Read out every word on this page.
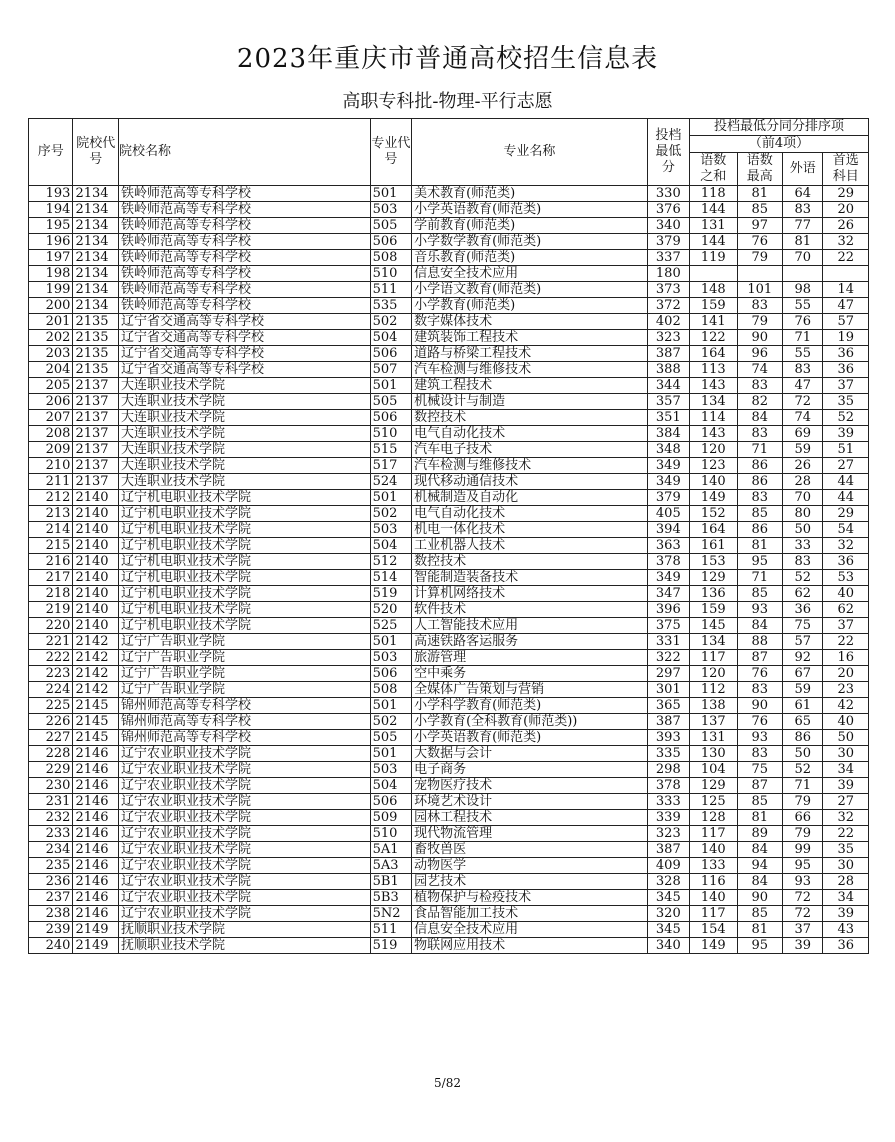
2023年重庆市普通高校招生信息表
高职专科批-物理-平行志愿
序号	院校代号	院校名称	专业代号	专业名称	投档最低分	投档最低分同分排序项			
						（前4项）			
						语数之和	语数最高	外语	首选科目
193	2134	铁岭师范高等专科学校	501	美术教育(师范类)	330	118	81	64	29
194	2134	铁岭师范高等专科学校	503	小学英语教育(师范类)	376	144	85	83	20
195	2134	铁岭师范高等专科学校	505	学前教育(师范类)	340	131	97	77	26
196	2134	铁岭师范高等专科学校	506	小学数学教育(师范类)	379	144	76	81	32
197	2134	铁岭师范高等专科学校	508	音乐教育(师范类)	337	119	79	70	22
198	2134	铁岭师范高等专科学校	510	信息安全技术应用	180				
199	2134	铁岭师范高等专科学校	511	小学语文教育(师范类)	373	148	101	98	14
200	2134	铁岭师范高等专科学校	535	小学教育(师范类)	372	159	83	55	47
201	2135	辽宁省交通高等专科学校	502	数字媒体技术	402	141	79	76	57
202	2135	辽宁省交通高等专科学校	504	建筑装饰工程技术	323	122	90	71	19
203	2135	辽宁省交通高等专科学校	506	道路与桥梁工程技术	387	164	96	55	36
204	2135	辽宁省交通高等专科学校	507	汽车检测与维修技术	388	113	74	83	36
205	2137	大连职业技术学院	501	建筑工程技术	344	143	83	47	37
206	2137	大连职业技术学院	505	机械设计与制造	357	134	82	72	35
207	2137	大连职业技术学院	506	数控技术	351	114	84	74	52
208	2137	大连职业技术学院	510	电气自动化技术	384	143	83	69	39
209	2137	大连职业技术学院	515	汽车电子技术	348	120	71	59	51
210	2137	大连职业技术学院	517	汽车检测与维修技术	349	123	86	26	27
211	2137	大连职业技术学院	524	现代移动通信技术	349	140	86	28	44
212	2140	辽宁机电职业技术学院	501	机械制造及自动化	379	149	83	70	44
213	2140	辽宁机电职业技术学院	502	电气自动化技术	405	152	85	80	29
214	2140	辽宁机电职业技术学院	503	机电一体化技术	394	164	86	50	54
215	2140	辽宁机电职业技术学院	504	工业机器人技术	363	161	81	33	32
216	2140	辽宁机电职业技术学院	512	数控技术	378	153	95	83	36
217	2140	辽宁机电职业技术学院	514	智能制造装备技术	349	129	71	52	53
218	2140	辽宁机电职业技术学院	519	计算机网络技术	347	136	85	62	40
219	2140	辽宁机电职业技术学院	520	软件技术	396	159	93	36	62
220	2140	辽宁机电职业技术学院	525	人工智能技术应用	375	145	84	75	37
221	2142	辽宁广告职业学院	501	高速铁路客运服务	331	134	88	57	22
222	2142	辽宁广告职业学院	503	旅游管理	322	117	87	92	16
223	2142	辽宁广告职业学院	506	空中乘务	297	120	76	67	20
224	2142	辽宁广告职业学院	508	全媒体广告策划与营销	301	112	83	59	23
225	2145	锦州师范高等专科学校	501	小学科学教育(师范类)	365	138	90	61	42
226	2145	锦州师范高等专科学校	502	小学教育(全科教育(师范类))	387	137	76	65	40
227	2145	锦州师范高等专科学校	505	小学英语教育(师范类)	393	131	93	86	50
228	2146	辽宁农业职业技术学院	501	大数据与会计	335	130	83	50	30
229	2146	辽宁农业职业技术学院	503	电子商务	298	104	75	52	34
230	2146	辽宁农业职业技术学院	504	宠物医疗技术	378	129	87	71	39
231	2146	辽宁农业职业技术学院	506	环境艺术设计	333	125	85	79	27
232	2146	辽宁农业职业技术学院	509	园林工程技术	339	128	81	66	32
233	2146	辽宁农业职业技术学院	510	现代物流管理	323	117	89	79	22
234	2146	辽宁农业职业技术学院	5A1	畜牧兽医	387	140	84	99	35
235	2146	辽宁农业职业技术学院	5A3	动物医学	409	133	94	95	30
236	2146	辽宁农业职业技术学院	5B1	园艺技术	328	116	84	93	28
237	2146	辽宁农业职业技术学院	5B3	植物保护与检疫技术	345	140	90	72	34
238	2146	辽宁农业职业技术学院	5N2	食品智能加工技术	320	117	85	72	39
239	2149	抚顺职业技术学院	511	信息安全技术应用	345	154	81	37	43
240	2149	抚顺职业技术学院	519	物联网应用技术	340	149	95	39	36
5/82
